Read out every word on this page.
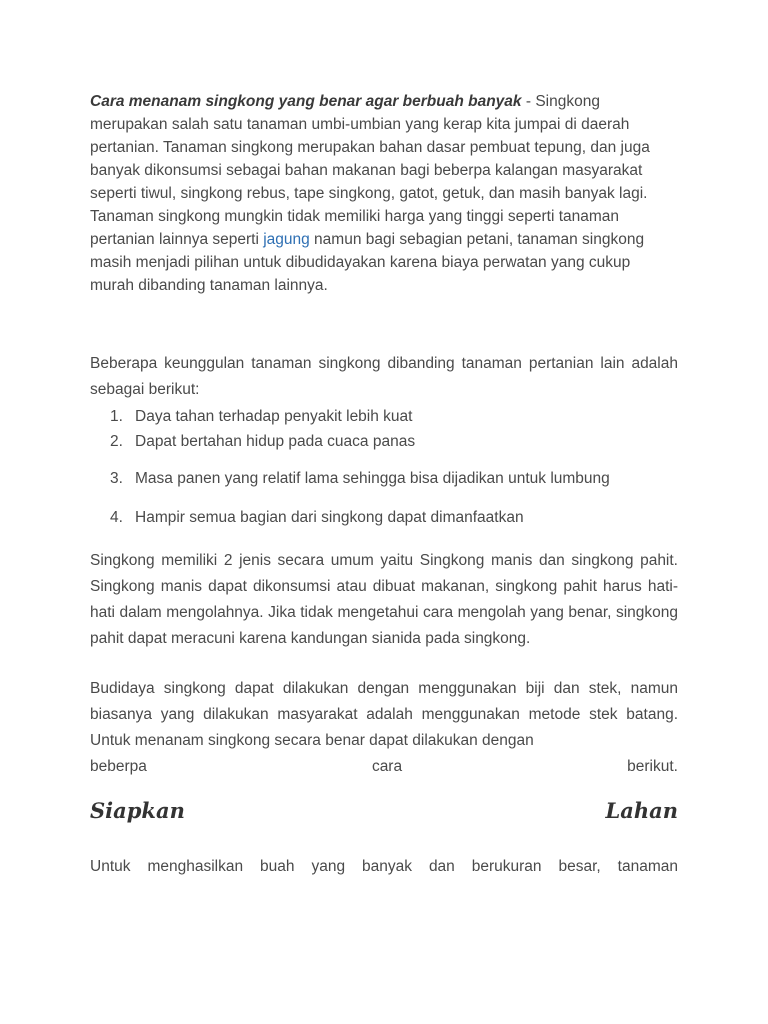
Cara menanam singkong yang benar agar berbuah banyak - Singkong merupakan salah satu tanaman umbi-umbian yang kerap kita jumpai di daerah pertanian. Tanaman singkong merupakan bahan dasar pembuat tepung, dan juga banyak dikonsumsi sebagai bahan makanan bagi beberpa kalangan masyarakat seperti tiwul, singkong rebus, tape singkong, gatot, getuk, dan masih banyak lagi. Tanaman singkong mungkin tidak memiliki harga yang tinggi seperti tanaman pertanian lainnya seperti jagung namun bagi sebagian petani, tanaman singkong masih menjadi pilihan untuk dibudidayakan karena biaya perwatan yang cukup murah dibanding tanaman lainnya.

Beberapa keunggulan tanaman singkong dibanding tanaman pertanian lain adalah sebagai berikut:

1. Daya tahan terhadap penyakit lebih kuat
2. Dapat bertahan hidup pada cuaca panas
3. Masa panen yang relatif lama sehingga bisa dijadikan untuk lumbung
4. Hampir semua bagian dari singkong dapat dimanfaatkan

Singkong memiliki 2 jenis secara umum yaitu Singkong manis dan singkong pahit. Singkong manis dapat dikonsumsi atau dibuat makanan, singkong pahit harus hati-hati dalam mengolahnya. Jika tidak mengetahui cara mengolah yang benar, singkong pahit dapat meracuni karena kandungan sianida pada singkong.

Budidaya singkong dapat dilakukan dengan menggunakan biji dan stek, namun biasanya yang dilakukan masyarakat adalah menggunakan metode stek batang. Untuk menanam singkong secara benar dapat dilakukan dengan
beberpa	cara	berikut.
Siapkan	Lahan
Untuk menghasilkan buah yang banyak dan berukuran besar, tanaman
